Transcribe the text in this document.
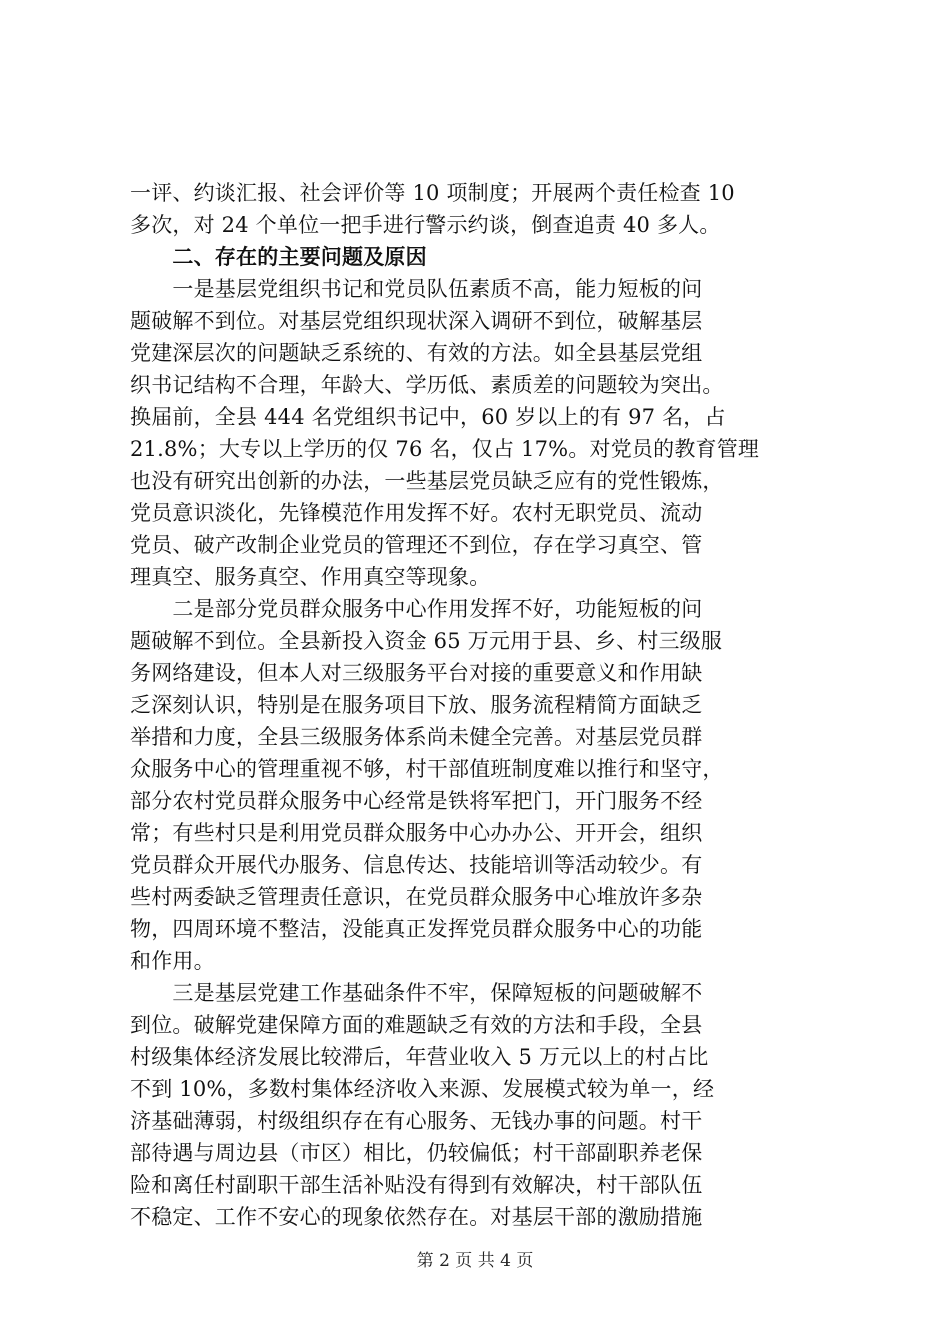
一评、约谈汇报、社会评价等 10 项制度；开展两个责任检查 10
多次，对 24 个单位一把手进行警示约谈，倒查追责 40 多人。
　　二、存在的主要问题及原因
　　一是基层党组织书记和党员队伍素质不高，能力短板的问
题破解不到位。对基层党组织现状深入调研不到位，破解基层
党建深层次的问题缺乏系统的、有效的方法。如全县基层党组
织书记结构不合理，年龄大、学历低、素质差的问题较为突出。
换届前，全县 444 名党组织书记中，60 岁以上的有 97 名，占
21.8%；大专以上学历的仅 76 名，仅占 17%。对党员的教育管理
也没有研究出创新的办法，一些基层党员缺乏应有的党性锻炼，
党员意识淡化，先锋模范作用发挥不好。农村无职党员、流动
党员、破产改制企业党员的管理还不到位，存在学习真空、管
理真空、服务真空、作用真空等现象。
　　二是部分党员群众服务中心作用发挥不好，功能短板的问
题破解不到位。全县新投入资金 65 万元用于县、乡、村三级服
务网络建设，但本人对三级服务平台对接的重要意义和作用缺
乏深刻认识，特别是在服务项目下放、服务流程精简方面缺乏
举措和力度，全县三级服务体系尚未健全完善。对基层党员群
众服务中心的管理重视不够，村干部值班制度难以推行和坚守，
部分农村党员群众服务中心经常是铁将军把门，开门服务不经
常；有些村只是利用党员群众服务中心办办公、开开会，组织
党员群众开展代办服务、信息传达、技能培训等活动较少。有
些村两委缺乏管理责任意识，在党员群众服务中心堆放许多杂
物，四周环境不整洁，没能真正发挥党员群众服务中心的功能
和作用。
　　三是基层党建工作基础条件不牢，保障短板的问题破解不
到位。破解党建保障方面的难题缺乏有效的方法和手段，全县
村级集体经济发展比较滞后，年营业收入 5 万元以上的村占比
不到 10%，多数村集体经济收入来源、发展模式较为单一，经
济基础薄弱，村级组织存在有心服务、无钱办事的问题。村干
部待遇与周边县（市区）相比，仍较偏低；村干部副职养老保
险和离任村副职干部生活补贴没有得到有效解决，村干部队伍
不稳定、工作不安心的现象依然存在。对基层干部的激励措施
第 2 页 共 4 页
